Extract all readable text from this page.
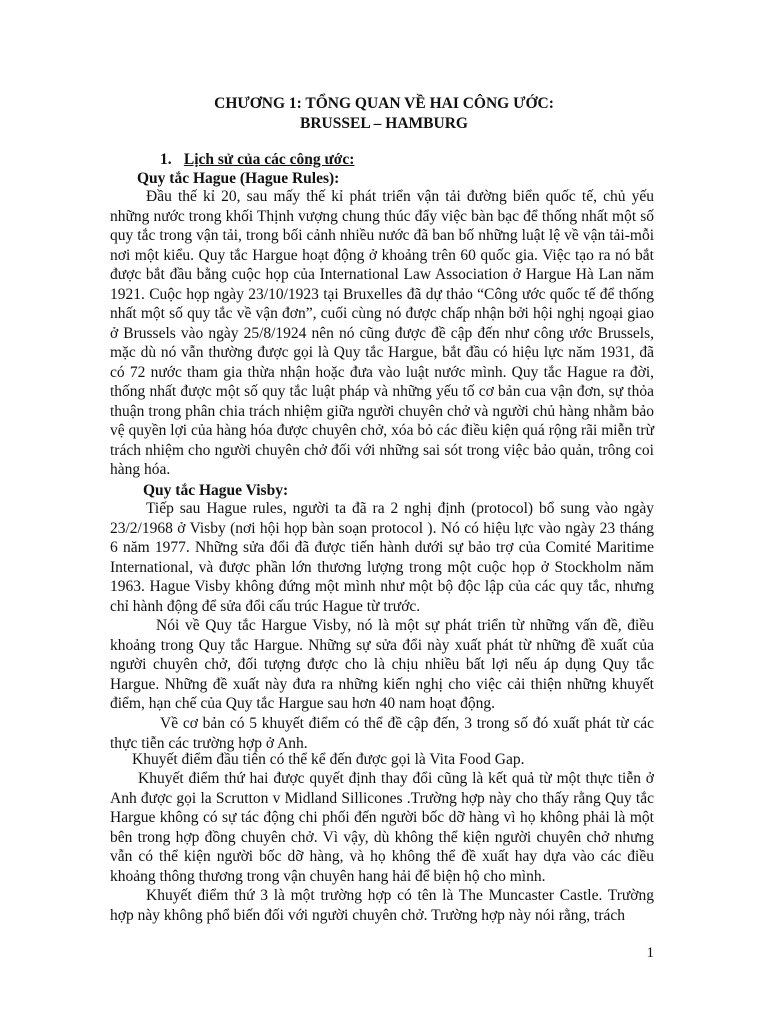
CHƯƠNG 1: TỔNG QUAN VỀ HAI CÔNG ƯỚC:
BRUSSEL – HAMBURG
1. Lịch sử của các công ước:
Quy tắc Hague (Hague Rules):

Đầu thế kỉ 20, sau mấy thế kỉ phát triển vận tải đường biển quốc tế, chủ yếu những nước trong khối Thịnh vượng chung thúc đẩy việc bàn bạc để thống nhất một số quy tắc trong vận tải, trong bối cảnh nhiều nước đã ban bố những luật lệ về vận tải-mỗi nơi một kiểu. Quy tắc Hargue hoạt động ở khoảng trên 60 quốc gia. Việc tạo ra nó bắt được bắt đầu bằng cuộc họp của International Law Association ở Hargue Hà Lan năm 1921. Cuộc họp ngày 23/10/1923 tại Bruxelles đã dự thảo “Công ước quốc tế để thống nhất một số quy tắc về vận đơn”, cuối cùng nó được chấp nhận bởi hội nghị ngoại giao ở Brussels vào ngày 25/8/1924 nên nó cũng được đề cập đến như công ước Brussels, mặc dù nó vẫn thường được gọi là Quy tắc Hargue, bắt đầu có hiệu lực năm 1931, đã có 72 nước tham gia thừa nhận hoặc đưa vào luật nước mình. Quy tắc Hague ra đời, thống nhất được một số quy tắc luật pháp và những yếu tố cơ bản cua vận đơn, sự thỏa thuận trong phân chia trách nhiệm giữa người chuyên chở và người chủ hàng nhằm bảo vệ quyền lợi của hàng hóa được chuyên chở, xóa bỏ các điều kiện quá rộng rãi miễn trừ trách nhiệm cho người chuyên chở đối với những sai sót trong việc bảo quản, trông coi hàng hóa.

Quy tắc Hague Visby:

Tiếp sau Hague rules, người ta đã ra 2 nghị định (protocol) bổ sung vào ngày 23/2/1968 ở Visby (nơi hội họp bàn soạn protocol ). Nó có hiệu lực vào ngày 23 tháng 6 năm 1977. Những sửa đổi đã được tiến hành dưới sự bảo trợ của Comité Maritime International, và được phần lớn thương lượng trong một cuộc họp ở Stockholm năm 1963. Hague Visby không đứng một mình như một bộ độc lập của các quy tắc, nhưng chỉ hành động để sửa đổi cấu trúc Hague từ trước.

Nói về Quy tắc Hargue Visby, nó là một sự phát triển từ những vấn đề, điều khoảng trong Quy tắc Hargue. Những sự sửa đổi này xuất phát từ những đề xuất của người chuyên chở, đối tượng được cho là chịu nhiều bất lợi nếu áp dụng Quy tắc Hargue. Những đề xuất này đưa ra những kiến nghị cho việc cải thiện những khuyết điểm, hạn chế của Quy tắc Hargue sau hơn 40 nam hoạt động.

Về cơ bản có 5 khuyết điểm có thể đề cập đến, 3 trong số đó xuất phát từ các thực tiễn các trường hợp ở Anh.

Khuyết điểm đầu tiên có thể kể đến được gọi là Vita Food Gap.

Khuyết điểm thứ hai được quyết định thay đổi cũng là kết quả từ một thực tiễn ở Anh được gọi la Scrutton v Midland Sillicones .Trường hợp này cho thấy rằng Quy tắc Hargue không có sự tác động chi phối đến người bốc dỡ hàng vì họ không phải là một bên trong hợp đồng chuyên chở. Vì vậy, dù không thể kiện người chuyên chở nhưng vẫn có thể kiện người bốc dỡ hàng, và họ không thể đề xuất hay dựa vào các điều khoảng thông thương trong vận chuyên hang hải để biện hộ cho mình.

Khuyết điểm thứ 3 là một trường hợp có tên là The Muncaster Castle. Trường hợp này không phổ biến đối với người chuyên chở. Trường hợp này nói rằng, trách

1
